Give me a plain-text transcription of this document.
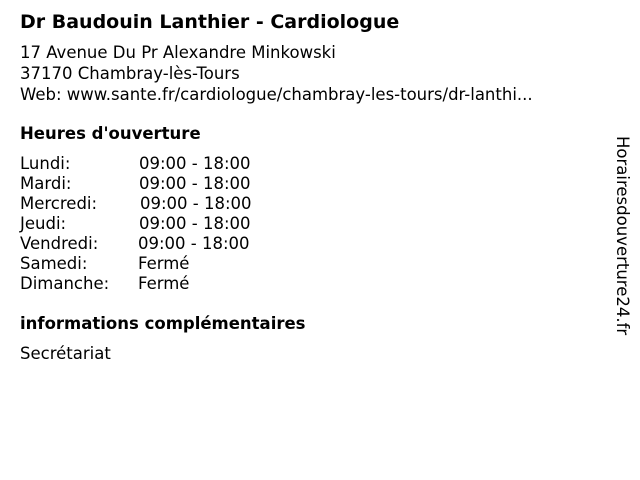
Dr Baudouin Lanthier - Cardiologue
17 Avenue Du Pr Alexandre Minkowski
37170 Chambray-lès-Tours
Web: www.sante.fr/cardiologue/chambray-les-tours/dr-lanthi...
Heures d'ouverture
Lundi:	09:00 - 18:00
Mardi:	09:00 - 18:00
Mercredi:	09:00 - 18:00
Jeudi:	09:00 - 18:00
Vendredi: 09:00 - 18:00
Samedi:	Fermé
Dimanche: Fermé
informations complémentaires
Secrétariat
Horairesdouverture24.fr
